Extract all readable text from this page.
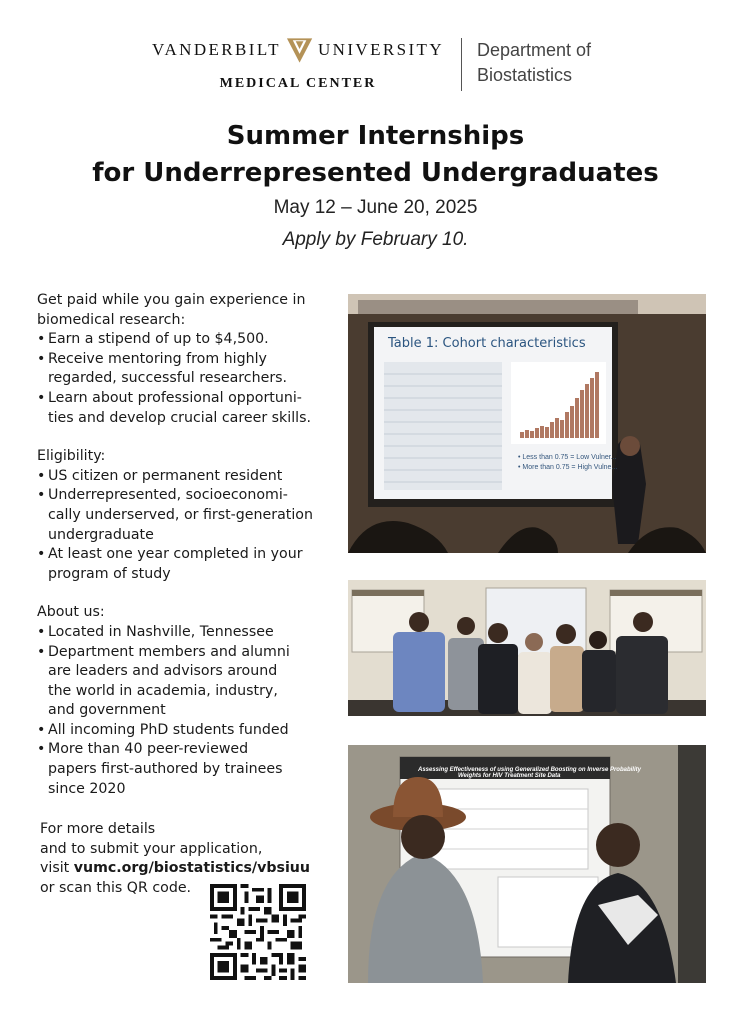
VANDERBILT UNIVERSITY
MEDICAL CENTER
Department of
Biostatistics
Summer Internships
for Underrepresented Undergraduates
May 12 – June 20, 2025
Apply by February 10.

Get paid while you gain experience in

biomedical research:

• Earn a stipend of up to $4,500.
• Receive mentoring from highly
regarded, successful researchers.
• Learn about professional opportuni-
ties and develop crucial career skills.

Eligibility:

• US citizen or permanent resident
• Underrepresented, socioeconomi-
cally underserved, or first-generation
undergraduate
• At least one year completed in your
program of study

About us:

• Located in Nashville, Tennessee
• Department members and alumni
are leaders and advisors around
the world in academia, industry,
and government
• All incoming PhD students funded
• More than 40 peer-reviewed
papers first-authored by trainees
since 2020
For more details
and to submit your application,
visit vumc.org/biostatistics/vbsiuu
or scan this QR code.
Table 1: Cohort characteristics
• Less than 0.75 = Low Vulner...
• More than 0.75 = High Vulne...
Assessing Effectiveness of using Generalized Boosting on Inverse Probability
Weights for HIV Treatment Site Data
